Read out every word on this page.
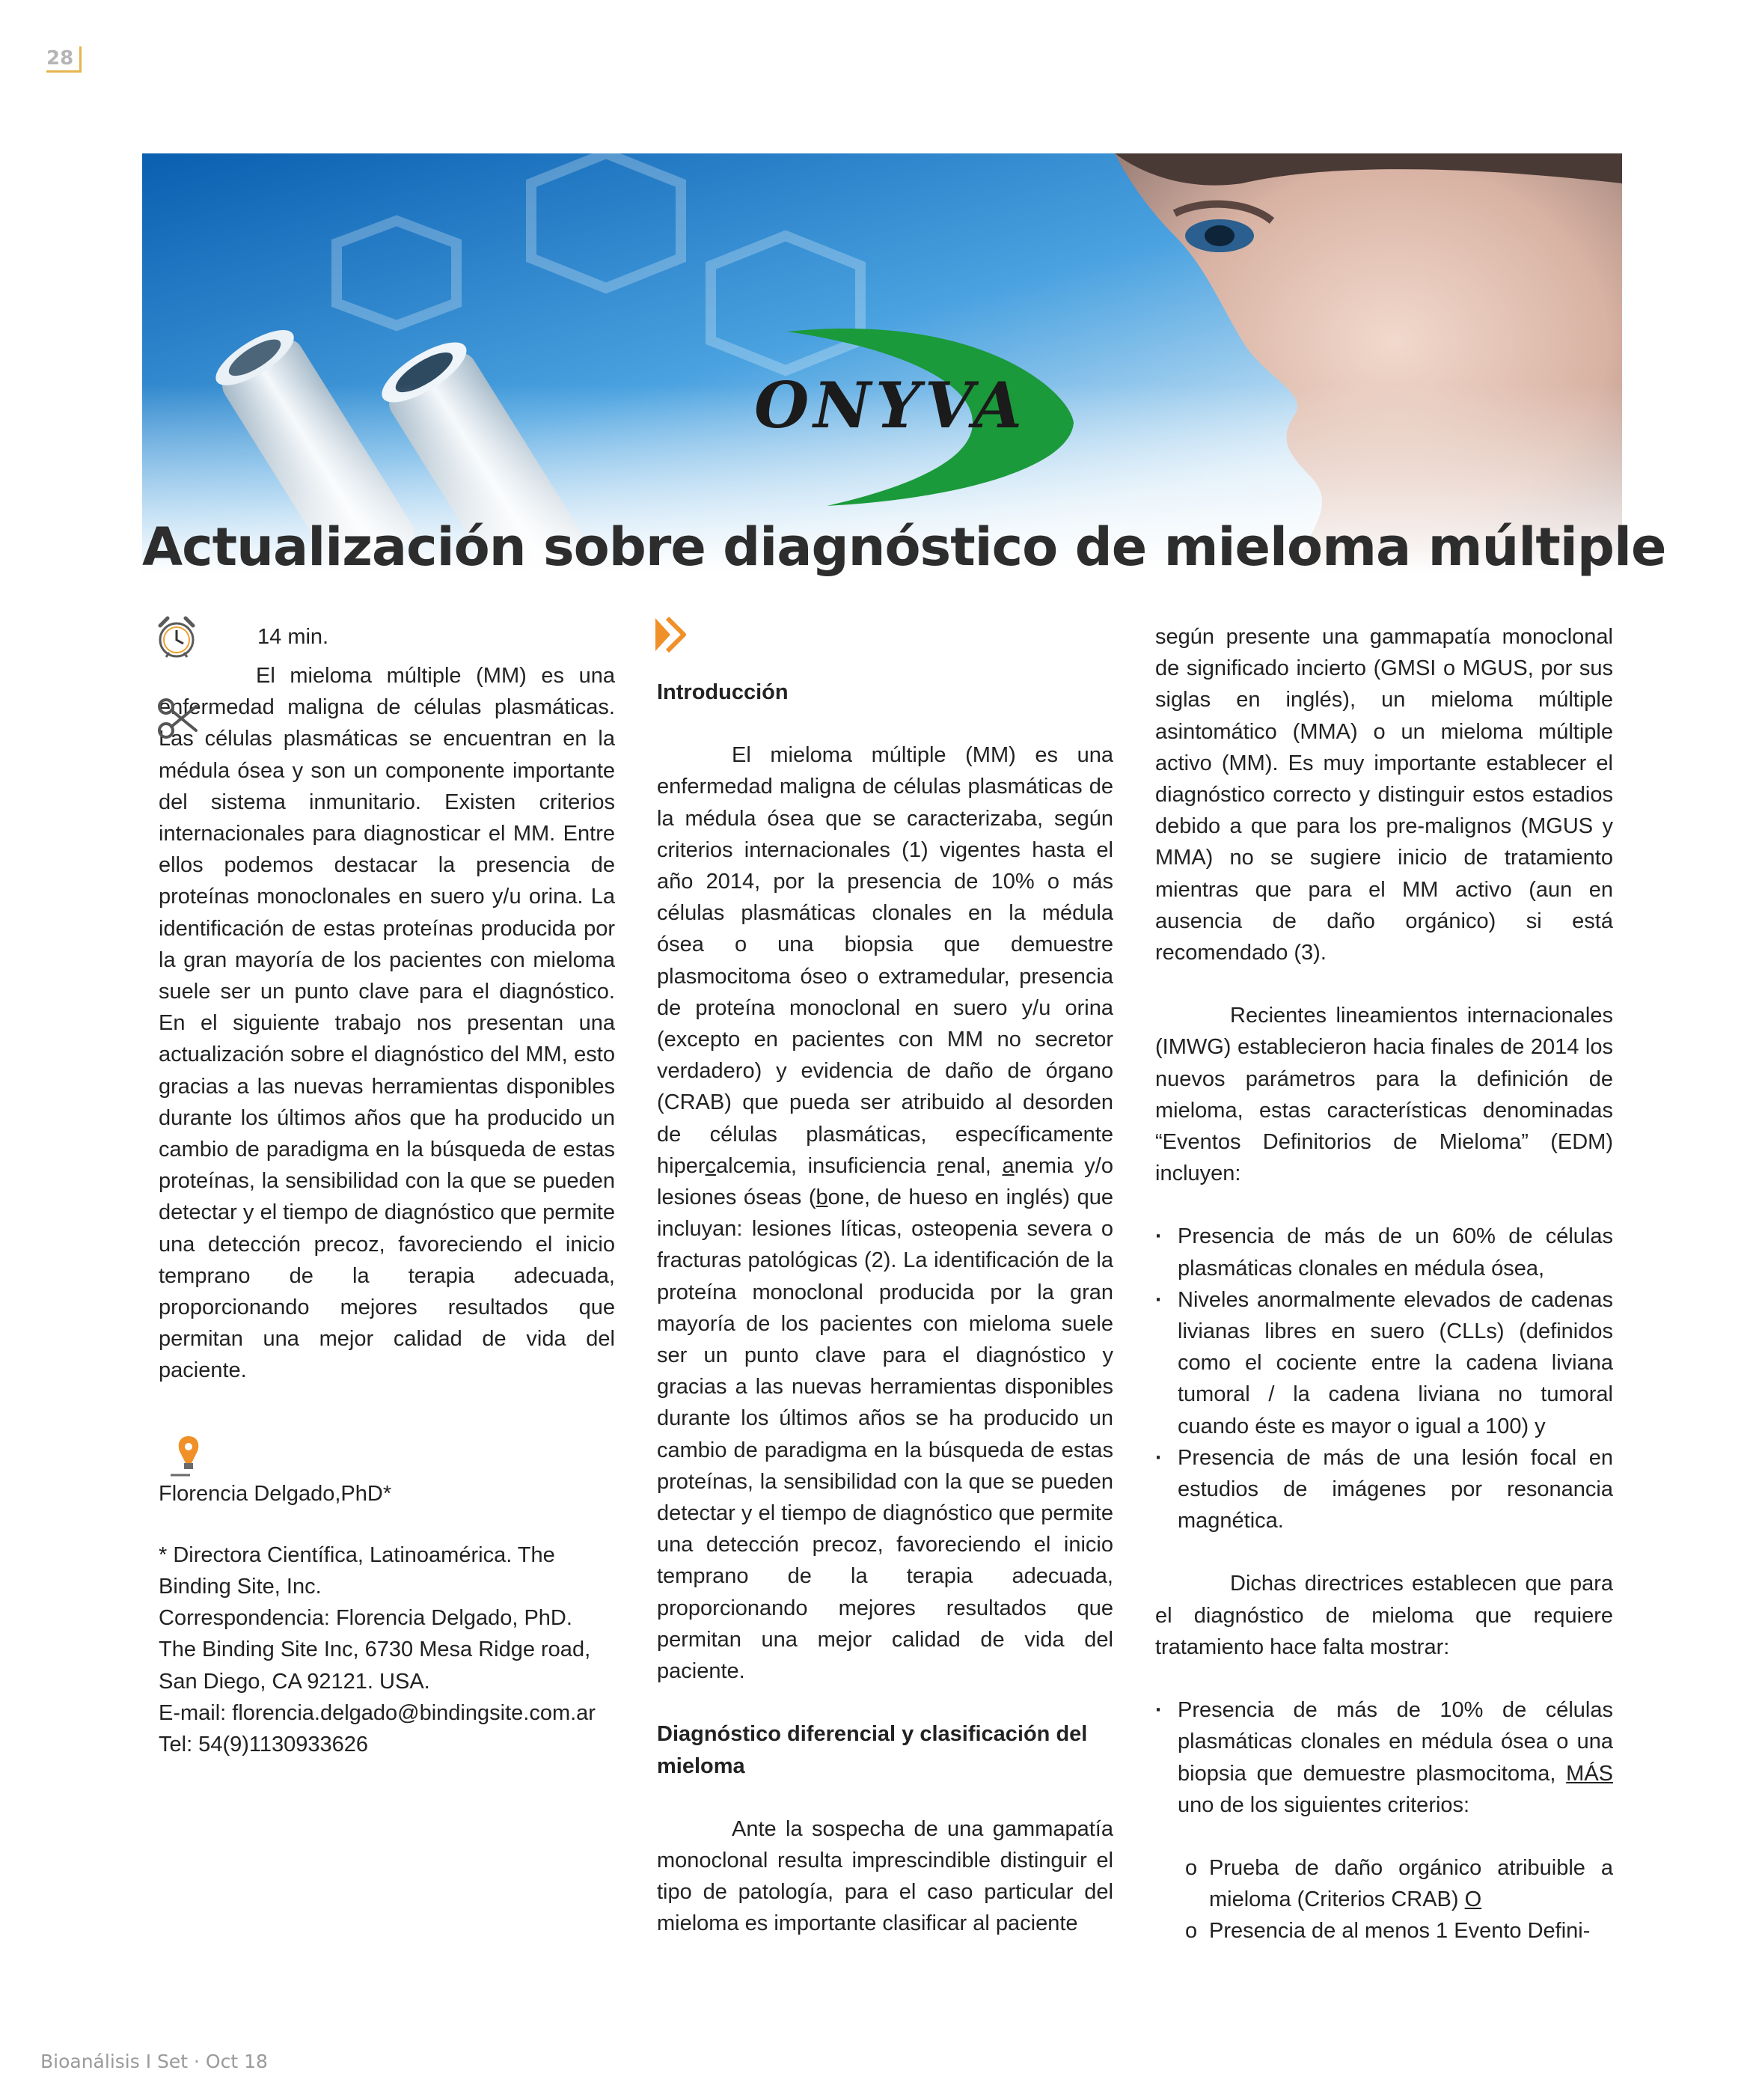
28
ONYVA
Actualización sobre diagnóstico de mieloma múltiple
14 min.

El mieloma múltiple (MM) es una enfermedad maligna de células plasmáticas. Las células plasmáticas se encuentran en la médula ósea y son un componente importante del sistema inmunitario. Existen criterios internacionales para diagnosticar el MM. Entre ellos podemos destacar la presencia de proteínas monoclonales en suero y/u orina. La identificación de estas proteínas producida por la gran mayoría de los pacientes con mieloma suele ser un punto clave para el diagnóstico. En el siguiente trabajo nos presentan una actualización sobre el diagnóstico del MM, esto gracias a las nuevas herramientas disponibles durante los últimos años que ha producido un cambio de paradigma en la búsqueda de estas proteínas, la sensibilidad con la que se pueden detectar y el tiempo de diagnóstico que permite una detección precoz, favoreciendo el inicio temprano de la terapia adecuada, proporcionando mejores resultados que permitan una mejor calidad de vida del paciente.

Florencia Delgado,PhD*

* Directora Científica, Latinoamérica. The Binding Site, Inc.

Correspondencia: Florencia Delgado, PhD. The Binding Site Inc, 6730 Mesa Ridge road, San Diego, CA 92121. USA.

E-mail: florencia.delgado@bindingsite.com.ar

Tel: 54(9)1130933626

Introducción

El mieloma múltiple (MM) es una enfermedad maligna de células plasmáticas de la médula ósea que se caracterizaba, según criterios internacionales (1) vigentes hasta el año 2014, por la presencia de 10% o más células plasmáticas clonales en la médula ósea o una biopsia que demuestre plasmocitoma óseo o extramedular, presencia de proteína monoclonal en suero y/u orina (excepto en pacientes con MM no secretor verdadero) y evidencia de daño de órgano (CRAB) que pueda ser atribuido al desorden de células plasmáticas, específicamente hipercalcemia, insuficiencia renal, anemia y/o lesiones óseas (bone, de hueso en inglés) que incluyan: lesiones líticas, osteopenia severa o fracturas patológicas (2). La identificación de la proteína monoclonal producida por la gran mayoría de los pacientes con mieloma suele ser un punto clave para el diagnóstico y gracias a las nuevas herramientas disponibles durante los últimos años se ha producido un cambio de paradigma en la búsqueda de estas proteínas, la sensibilidad con la que se pueden detectar y el tiempo de diagnóstico que permite una detección precoz, favoreciendo el inicio temprano de la terapia adecuada, proporcionando mejores resultados que permitan una mejor calidad de vida del paciente.

Diagnóstico diferencial y clasificación del mieloma

Ante la sospecha de una gammapatía monoclonal resulta imprescindible distinguir el tipo de patología, para el caso particular del mieloma es importante clasificar al paciente

según presente una gammapatía monoclonal de significado incierto (GMSI o MGUS, por sus siglas en inglés), un mieloma múltiple asintomático (MMA) o un mieloma múltiple activo (MM). Es muy importante establecer el diagnóstico correcto y distinguir estos estadios debido a que para los pre-malignos (MGUS y MMA) no se sugiere inicio de tratamiento mientras que para el MM activo (aun en ausencia de daño orgánico) si está recomendado (3).

Recientes lineamientos internacionales (IMWG) establecieron hacia finales de 2014 los nuevos parámetros para la definición de mieloma, estas características denominadas “Eventos Definitorios de Mieloma” (EDM) incluyen:

· Presencia de más de un 60% de células plasmáticas clonales en médula ósea,
· Niveles anormalmente elevados de cadenas livianas libres en suero (CLLs) (definidos como el cociente entre la cadena liviana tumoral / la cadena liviana no tumoral cuando éste es mayor o igual a 100) y
· Presencia de más de una lesión focal en estudios de imágenes por resonancia magnética.

Dichas directrices establecen que para el diagnóstico de mieloma que requiere tratamiento hace falta mostrar:

· Presencia de más de 10% de células plasmáticas clonales en médula ósea o una biopsia que demuestre plasmocitoma, MÁS uno de los siguientes criterios:
o Prueba de daño orgánico atribuible a mieloma (Criterios CRAB) O
o Presencia de al menos 1 Evento Defini-
Bioanálisis I Set · Oct 18
